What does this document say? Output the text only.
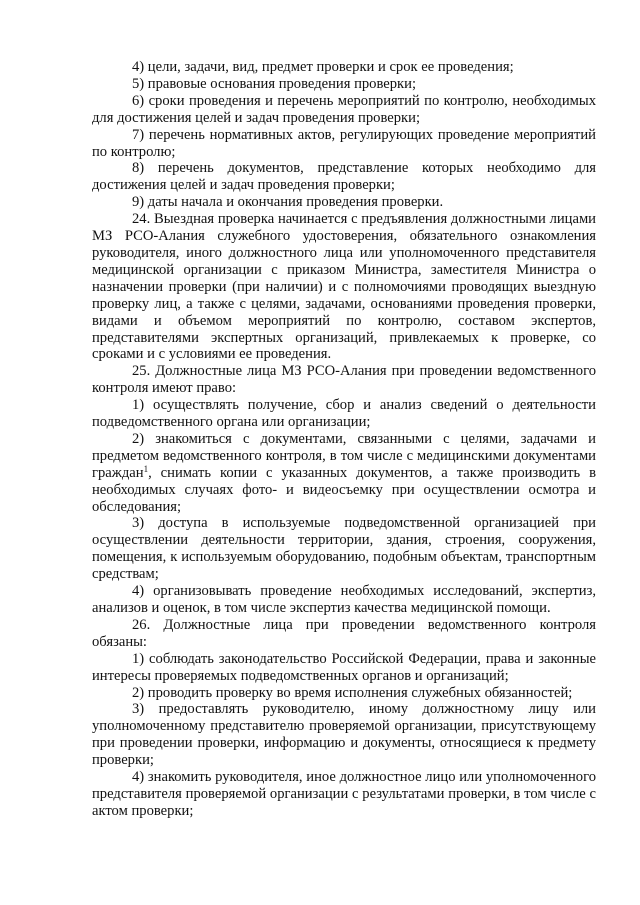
4) цели, задачи, вид, предмет проверки и срок ее проведения;

5) правовые основания проведения проверки;

6) сроки проведения и перечень мероприятий по контролю, необходимых для достижения целей и задач проведения проверки;

7) перечень нормативных актов, регулирующих проведение мероприятий по контролю;

8) перечень документов, представление которых необходимо для достижения целей и задач проведения проверки;

9) даты начала и окончания проведения проверки.

24. Выездная проверка начинается с предъявления должностными лицами МЗ РСО-Алания служебного удостоверения, обязательного ознакомления руководителя, иного должностного лица или уполномоченного представителя медицинской организации с приказом Министра, заместителя Министра о назначении проверки (при наличии) и с полномочиями проводящих выездную проверку лиц, а также с целями, задачами, основаниями проведения проверки, видами и объемом мероприятий по контролю, составом экспертов, представителями экспертных организаций, привлекаемых к проверке, со сроками и с условиями ее проведения.

25. Должностные лица МЗ РСО-Алания при проведении ведомственного контроля имеют право:

1) осуществлять получение, сбор и анализ сведений о деятельности подведомственного органа или организации;

2) знакомиться с документами, связанными с целями, задачами и предметом ведомственного контроля, в том числе с медицинскими документами граждан$^1$, снимать копии с указанных документов, а также производить в необходимых случаях фото- и видеосъемку при осуществлении осмотра и обследования;

3) доступа в используемые подведомственной организацией при осуществлении деятельности территории, здания, строения, сооружения, помещения, к используемым оборудованию, подобным объектам, транспортным средствам;

4) организовывать проведение необходимых исследований, экспертиз, анализов и оценок, в том числе экспертиз качества медицинской помощи.

26. Должностные лица при проведении ведомственного контроля обязаны:

1) соблюдать законодательство Российской Федерации, права и законные интересы проверяемых подведомственных органов и организаций;

2) проводить проверку во время исполнения служебных обязанностей;

3) предоставлять руководителю, иному должностному лицу или уполномоченному представителю проверяемой организации, присутствующему при проведении проверки, информацию и документы, относящиеся к предмету проверки;

4) знакомить руководителя, иное должностное лицо или уполномоченного представителя проверяемой организации с результатами проверки, в том числе с актом проверки;
